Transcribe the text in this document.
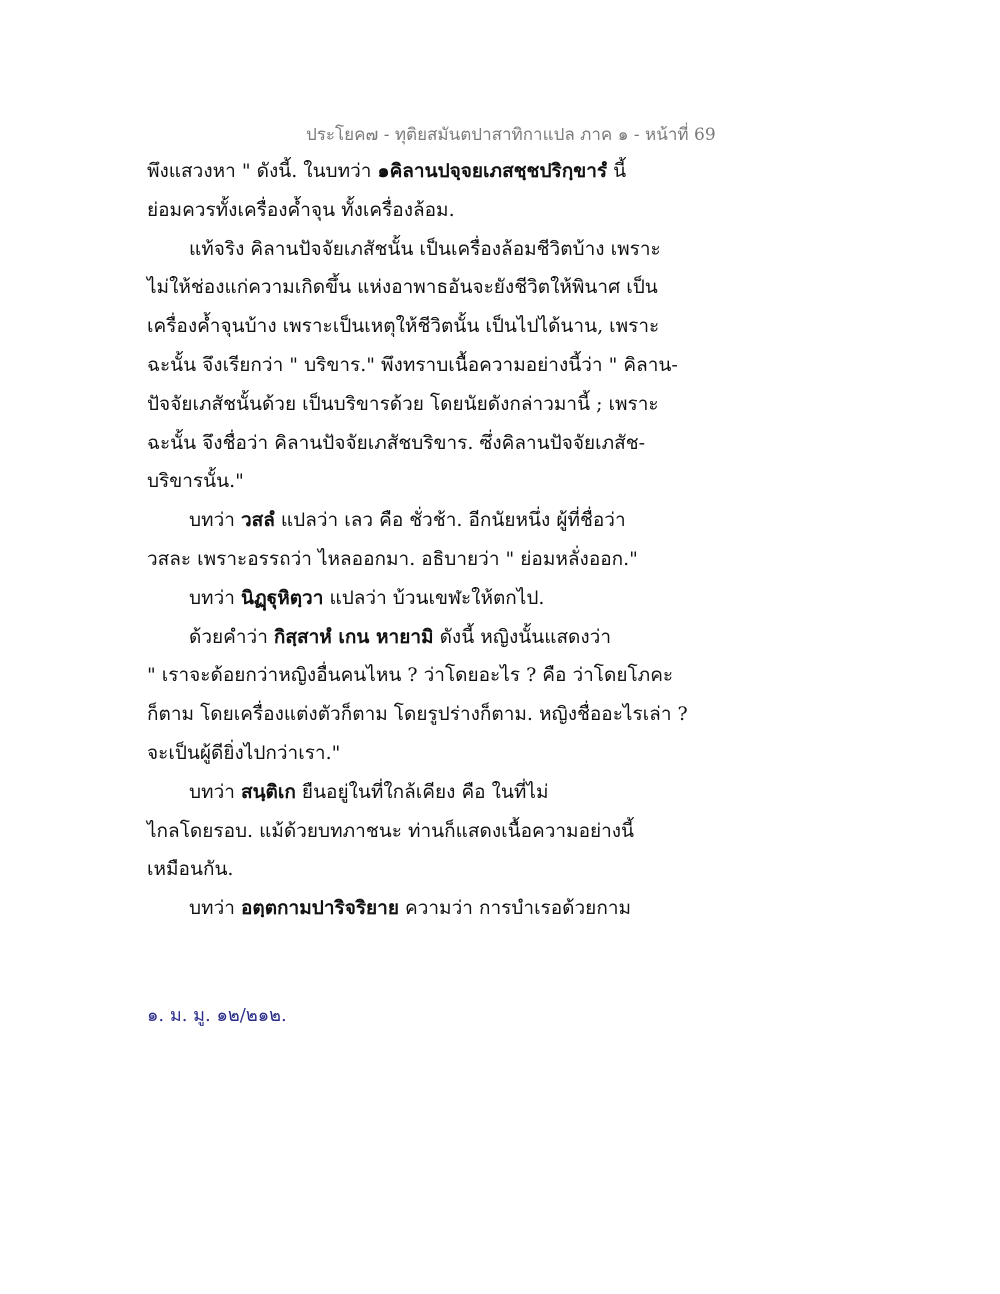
ประโยค๗ - ทุติยสมันตปาสาทิกาแปล ภาค ๑ - หน้าที่ 69
พึงแสวงหา " ดังนี้. ในบทว่า ๑คิลานปจฺจยเภสชฺชปริกฺขารํ นี้
ย่อมควรทั้งเครื่องค้ำจุน ทั้งเครื่องล้อม.
แท้จริง คิลานปัจจัยเภสัชนั้น เป็นเครื่องล้อมชีวิตบ้าง เพราะ
ไม่ให้ช่องแก่ความเกิดขึ้น แห่งอาพาธอันจะยังชีวิตให้พินาศ เป็น
เครื่องค้ำจุนบ้าง เพราะเป็นเหตุให้ชีวิตนั้น เป็นไปได้นาน, เพราะ
ฉะนั้น จึงเรียกว่า " บริขาร." พึงทราบเนื้อความอย่างนี้ว่า " คิลาน-
ปัจจัยเภสัชนั้นด้วย เป็นบริขารด้วย โดยนัยดังกล่าวมานี้ ; เพราะ
ฉะนั้น จึงชื่อว่า คิลานปัจจัยเภสัชบริขาร. ซึ่งคิลานปัจจัยเภสัช-
บริขารนั้น."
บทว่า วสลํ แปลว่า เลว คือ ชั่วช้า. อีกนัยหนึ่ง ผู้ที่ชื่อว่า
วสละ เพราะอรรถว่า ไหลออกมา. อธิบายว่า " ย่อมหลั่งออก."
บทว่า นิฏฺฐุหิตฺวา แปลว่า บ้วนเขฬะให้ตกไป.
ด้วยคำว่า กิสฺสาหํ เกน หายามิ ดังนี้ หญิงนั้นแสดงว่า
" เราจะด้อยกว่าหญิงอื่นคนไหน ? ว่าโดยอะไร ? คือ ว่าโดยโภคะ
ก็ตาม โดยเครื่องแต่งตัวก็ตาม โดยรูปร่างก็ตาม. หญิงชื่ออะไรเล่า ?
จะเป็นผู้ดียิ่งไปกว่าเรา."
บทว่า สนฺติเก ยืนอยู่ในที่ใกล้เคียง คือ ในที่ไม่
ไกลโดยรอบ. แม้ด้วยบทภาชนะ ท่านก็แสดงเนื้อความอย่างนี้
เหมือนกัน.
บทว่า อตฺตกามปาริจริยาย ความว่า การบำเรอด้วยกาม
๑. ม. มู. ๑๒/๒๑๒.
